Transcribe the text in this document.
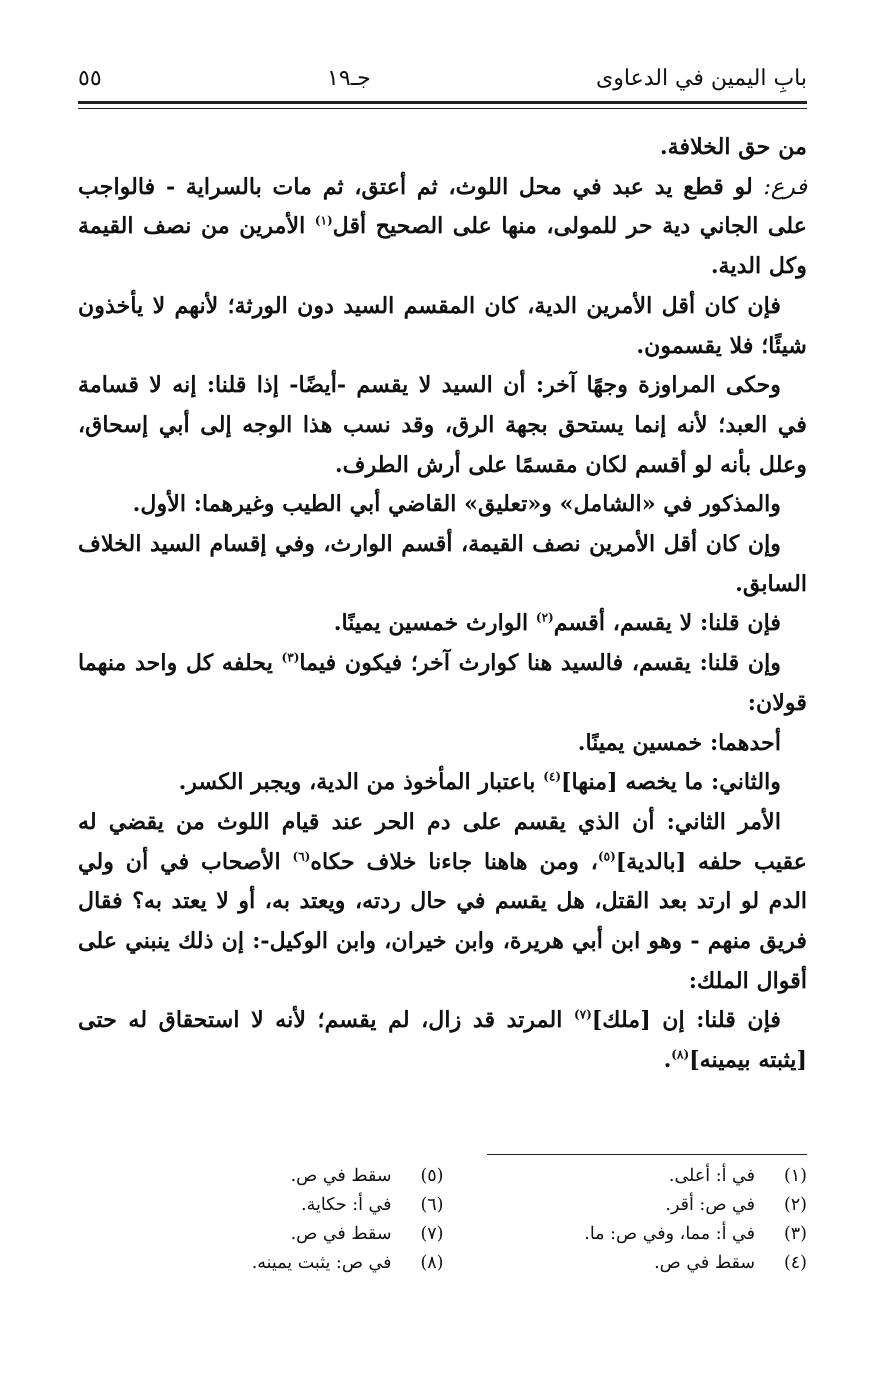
بابِ اليمين في الدعاوى
جـ١٩
٥٥

من حق الخلافة.

فرع: لو قطع يد عبد في محل اللوث، ثم أعتق، ثم مات بالسراية - فالواجب على الجاني دية حر للمولى، منها على الصحيح أقل$^{(١)}$ الأمرين من نصف القيمة وكل الدية.

فإن كان أقل الأمرين الدية، كان المقسم السيد دون الورثة؛ لأنهم لا يأخذون شيئًا؛ فلا يقسمون.

وحكى المراوزة وجهًا آخر: أن السيد لا يقسم -أيضًا- إذا قلنا: إنه لا قسامة في العبد؛ لأنه إنما يستحق بجهة الرق، وقد نسب هذا الوجه إلى أبي إسحاق، وعلل بأنه لو أقسم لكان مقسمًا على أرش الطرف.

والمذكور في «الشامل» و«تعليق» القاضي أبي الطيب وغيرهما: الأول.

وإن كان أقل الأمرين نصف القيمة، أقسم الوارث، وفي إقسام السيد الخلاف السابق.

فإن قلنا: لا يقسم، أقسم$^{(٢)}$ الوارث خمسين يمينًا.

وإن قلنا: يقسم، فالسيد هنا كوارث آخر؛ فيكون فيما$^{(٣)}$ يحلفه كل واحد منهما قولان:

أحدهما: خمسين يمينًا.

والثاني: ما يخصه [منها]$^{(٤)}$ باعتبار المأخوذ من الدية، ويجبر الكسر.

الأمر الثاني: أن الذي يقسم على دم الحر عند قيام اللوث من يقضي له عقيب حلفه [بالدية]$^{(٥)}$، ومن هاهنا جاءنا خلاف حكاه$^{(٦)}$ الأصحاب في أن ولي الدم لو ارتد بعد القتل، هل يقسم في حال ردته، ويعتد به، أو لا يعتد به؟ فقال فريق منهم - وهو ابن أبي هريرة، وابن خيران، وابن الوكيل-: إن ذلك ينبني على أقوال الملك:

فإن قلنا: إن [ملك]$^{(٧)}$ المرتد قد زال، لم يقسم؛ لأنه لا استحقاق له حتى [يثبته بيمينه]$^{(٨)}$.

(١)
في أ: أعلى.
(٢)
في ص: أقر.
(٣)
في أ: مما، وفي ص: ما.
(٤)
سقط في ص.
(٥)
سقط في ص.
(٦)
في أ: حكاية.
(٧)
سقط في ص.
(٨)
في ص: يثبت يمينه.
